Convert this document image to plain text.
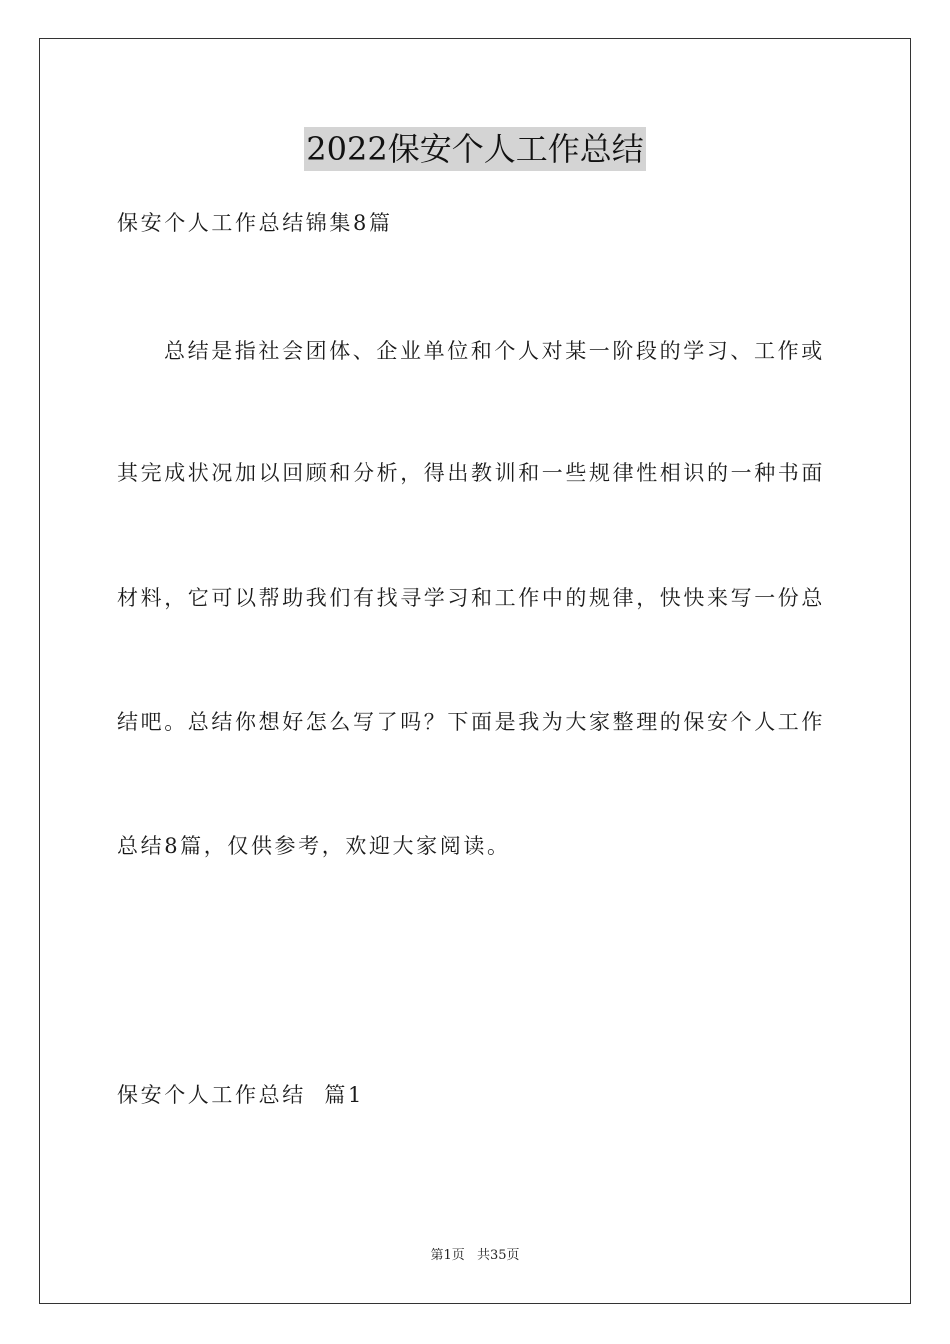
2022保安个人工作总结
保安个人工作总结锦集8篇
总结是指社会团体、企业单位和个人对某一阶段的学习、工作或
其完成状况加以回顾和分析，得出教训和一些规律性相识的一种书面
材料，它可以帮助我们有找寻学习和工作中的规律，快快来写一份总
结吧。总结你想好怎么写了吗？下面是我为大家整理的保安个人工作
总结8篇，仅供参考，欢迎大家阅读。
保安个人工作总结  篇1
第1页 共35页
